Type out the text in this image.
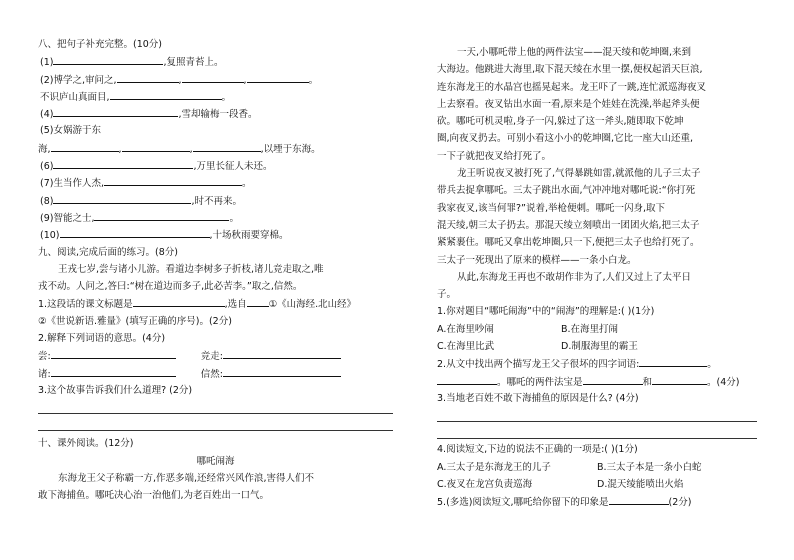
八、把句子补充完整。(10分)
(1)	,复照青苔上。
(2)博学之,审问之,	,	,	。
不识庐山真面目,	。
(4)	,雪却输梅一段香。
(5)女娲游于东
海,	,	,	,以堙于东海。
(6)	,万里长征人未还。
(7)生当作人杰,	。
(8)	,时不再来。
(9)智能之士,	。
(10)	,十场秋雨要穿棉。
九、阅读,完成后面的练习。(8分)
王戎七岁,尝与诸小儿游。看道边李树多子折枝,诸儿竞走取之,唯
戎不动。人问之,答曰:“树在道边而多子,此必苦李。”取之,信然。
1.这段话的课文标题是	,选自 ①《山海经.北山经》
②《世说新语.雅量》(填写正确的序号)。(2分)
2.解释下列词语的意思。(4分)
尝:	竞走:
诸:	信然:
3.这个故事告诉我们什么道理? (2分)
十、课外阅读。(12分)
哪吒闹海
东海龙王父子称霸一方,作恶多端,还经常兴风作浪,害得人们不
敢下海捕鱼。哪吒决心治一治他们,为老百姓出一口气。
一天,小哪吒带上他的两件法宝——混天绫和乾坤圈,来到
大海边。他跳进大海里,取下混天绫在水里一摆,便权起滔天巨浪,
连东海龙王的水晶宫也摇晃起来。龙王吓了一跳,连忙派巡海夜叉
上去察看。夜叉钻出水面一看,原来是个娃娃在洗澡,举起斧头便
砍。哪吒可机灵啦,身子一闪,躲过了这一斧头,随即取下乾坤
圈,向夜叉扔去。可别小看这小小的乾坤圈,它比一座大山还重,
一下子就把夜叉给打死了。
龙王听说夜叉被打死了,气得暴跳如雷,就派他的儿子三太子
带兵去捉拿哪吒。三太子跳出水面,气冲冲地对哪吒说:“你打死
我家夜叉,该当何罪?”说着,举枪便刺。哪吒一闪身,取下
混天绫,朝三太子扔去。那混天绫立刻喷出一团团火焰,把三太子
紧紧裹住。哪吒又拿出乾坤圈,只一下,便把三太子也给打死了。
三太子一死现出了原来的模样——一条小白龙。
从此,东海龙王再也不敢胡作非为了,人们又过上了太平日
子。
1.你对题目“哪吒闹海”中的“闹海”的理解是:( )(1分)
A.在海里吵闹	B.在海里打闹
C.在海里比武	D.制服海里的霸王
2.从文中找出两个描写龙王父子很坏的四字词语:	。
。哪吒的两件法宝是	和	。(4分)
3.当地老百姓不敢下海捕鱼的原因是什么? (4分)
4.阅读短文,下边的说法不正确的一项是:( )(1分)
A.三太子是东海龙王的儿子	B.三太子本是一条小白蛇
C.夜叉在龙宫负责巡海	D.混天绫能喷出火焰
5.(多选)阅读短文,哪吒给你留下的印象是	(2分)
